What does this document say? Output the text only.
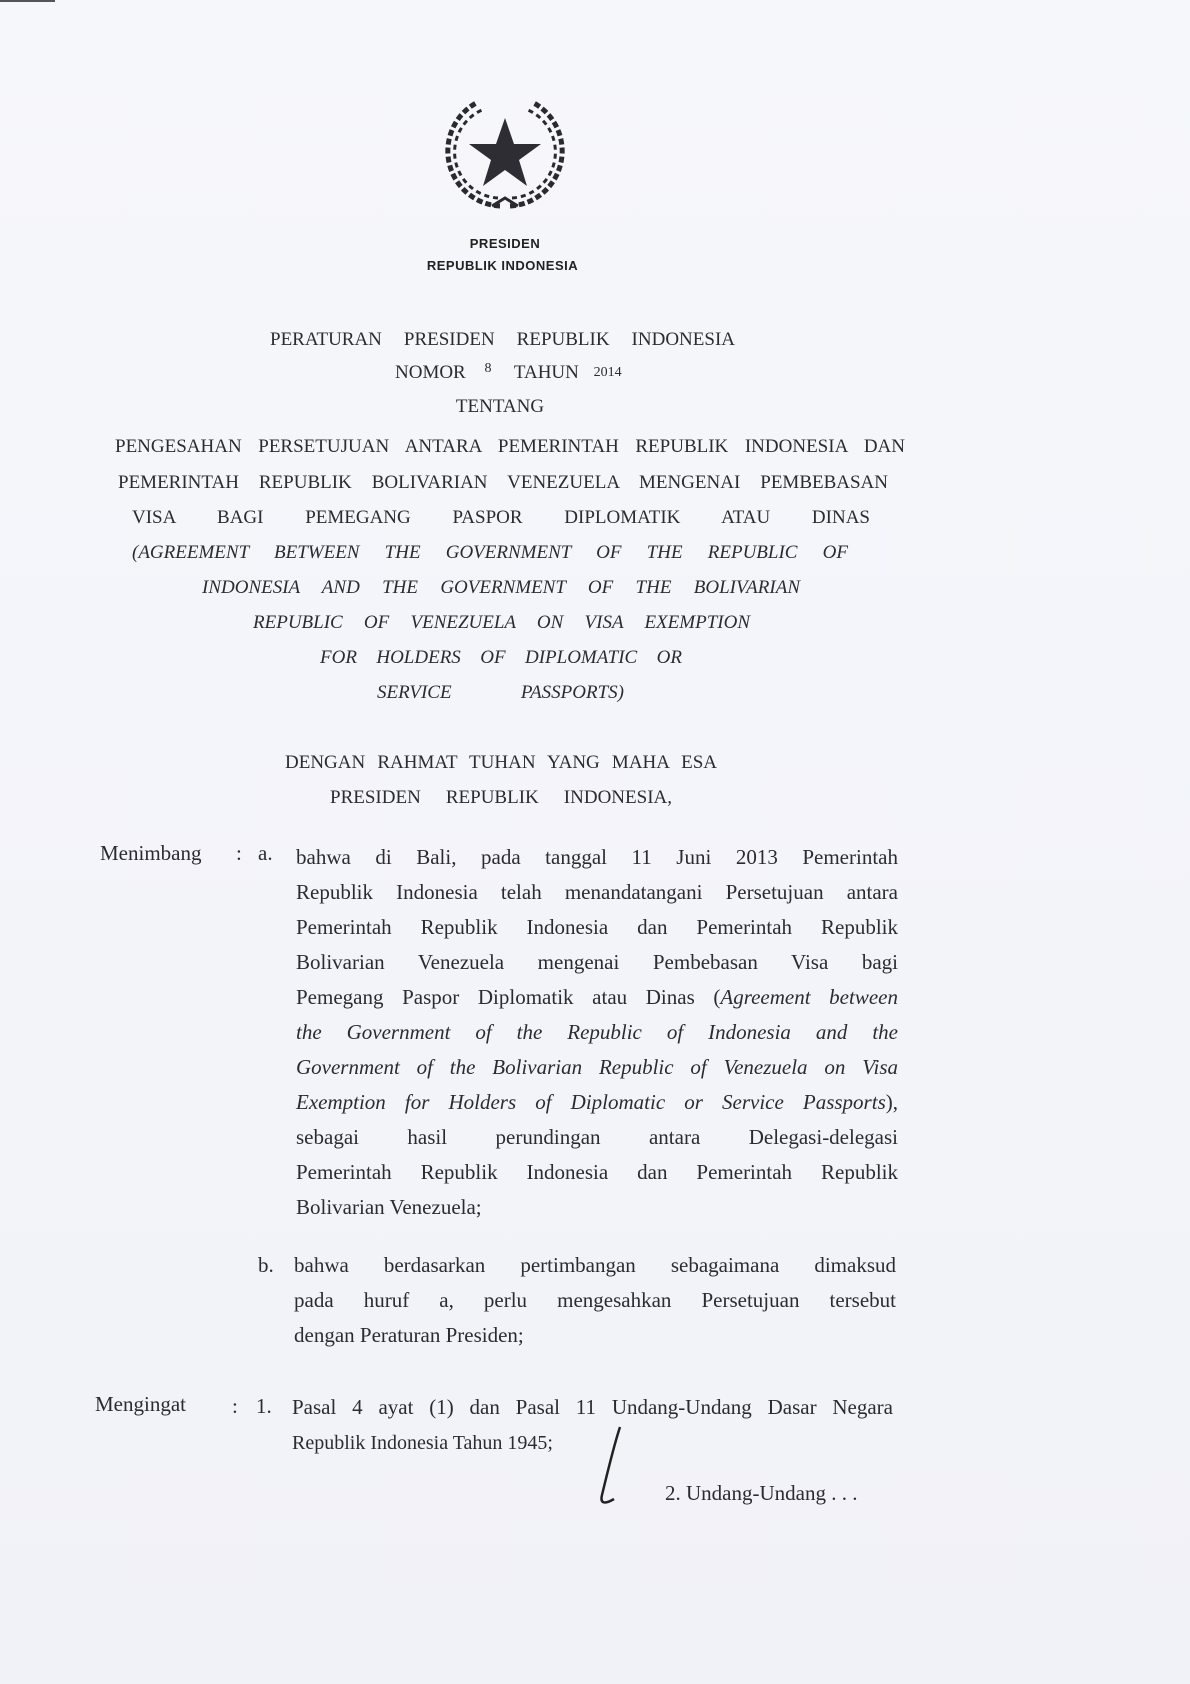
PRESIDEN
REPUBLIK INDONESIA
PERATURAN PRESIDEN REPUBLIK INDONESIA
NOMOR $^8$ TAHUN 2014
TENTANG
PENGESAHAN PERSETUJUAN ANTARA PEMERINTAH REPUBLIK INDONESIA DAN
PEMERINTAH REPUBLIK BOLIVARIAN VENEZUELA MENGENAI PEMBEBASAN
VISA BAGI PEMEGANG PASPOR DIPLOMATIK ATAU DINAS
(AGREEMENT BETWEEN THE GOVERNMENT OF THE REPUBLIC OF
INDONESIA AND THE GOVERNMENT OF THE BOLIVARIAN
REPUBLIC OF VENEZUELA ON VISA EXEMPTION
FOR HOLDERS OF DIPLOMATIC OR
SERVICE PASSPORTS)
DENGAN RAHMAT TUHAN YANG MAHA ESA
PRESIDEN REPUBLIK INDONESIA,
Menimbang : a. bahwa di Bali, pada tanggal 11 Juni 2013 Pemerintah
Republik Indonesia telah menandatangani Persetujuan antara
Pemerintah Republik Indonesia dan Pemerintah Republik
Bolivarian Venezuela mengenai Pembebasan Visa bagi
Pemegang Paspor Diplomatik atau Dinas (Agreement between
the Government of the Republic of Indonesia and the
Government of the Bolivarian Republic of Venezuela on Visa
Exemption for Holders of Diplomatic or Service Passports),
sebagai hasil perundingan antara Delegasi-delegasi
Pemerintah Republik Indonesia dan Pemerintah Republik
Bolivarian Venezuela;
b. bahwa berdasarkan pertimbangan sebagaimana dimaksud
pada huruf a, perlu mengesahkan Persetujuan tersebut
dengan Peraturan Presiden;
Mengingat : 1. Pasal 4 ayat (1) dan Pasal 11 Undang-Undang Dasar Negara
Republik Indonesia Tahun 1945;
2. Undang-Undang . . .
